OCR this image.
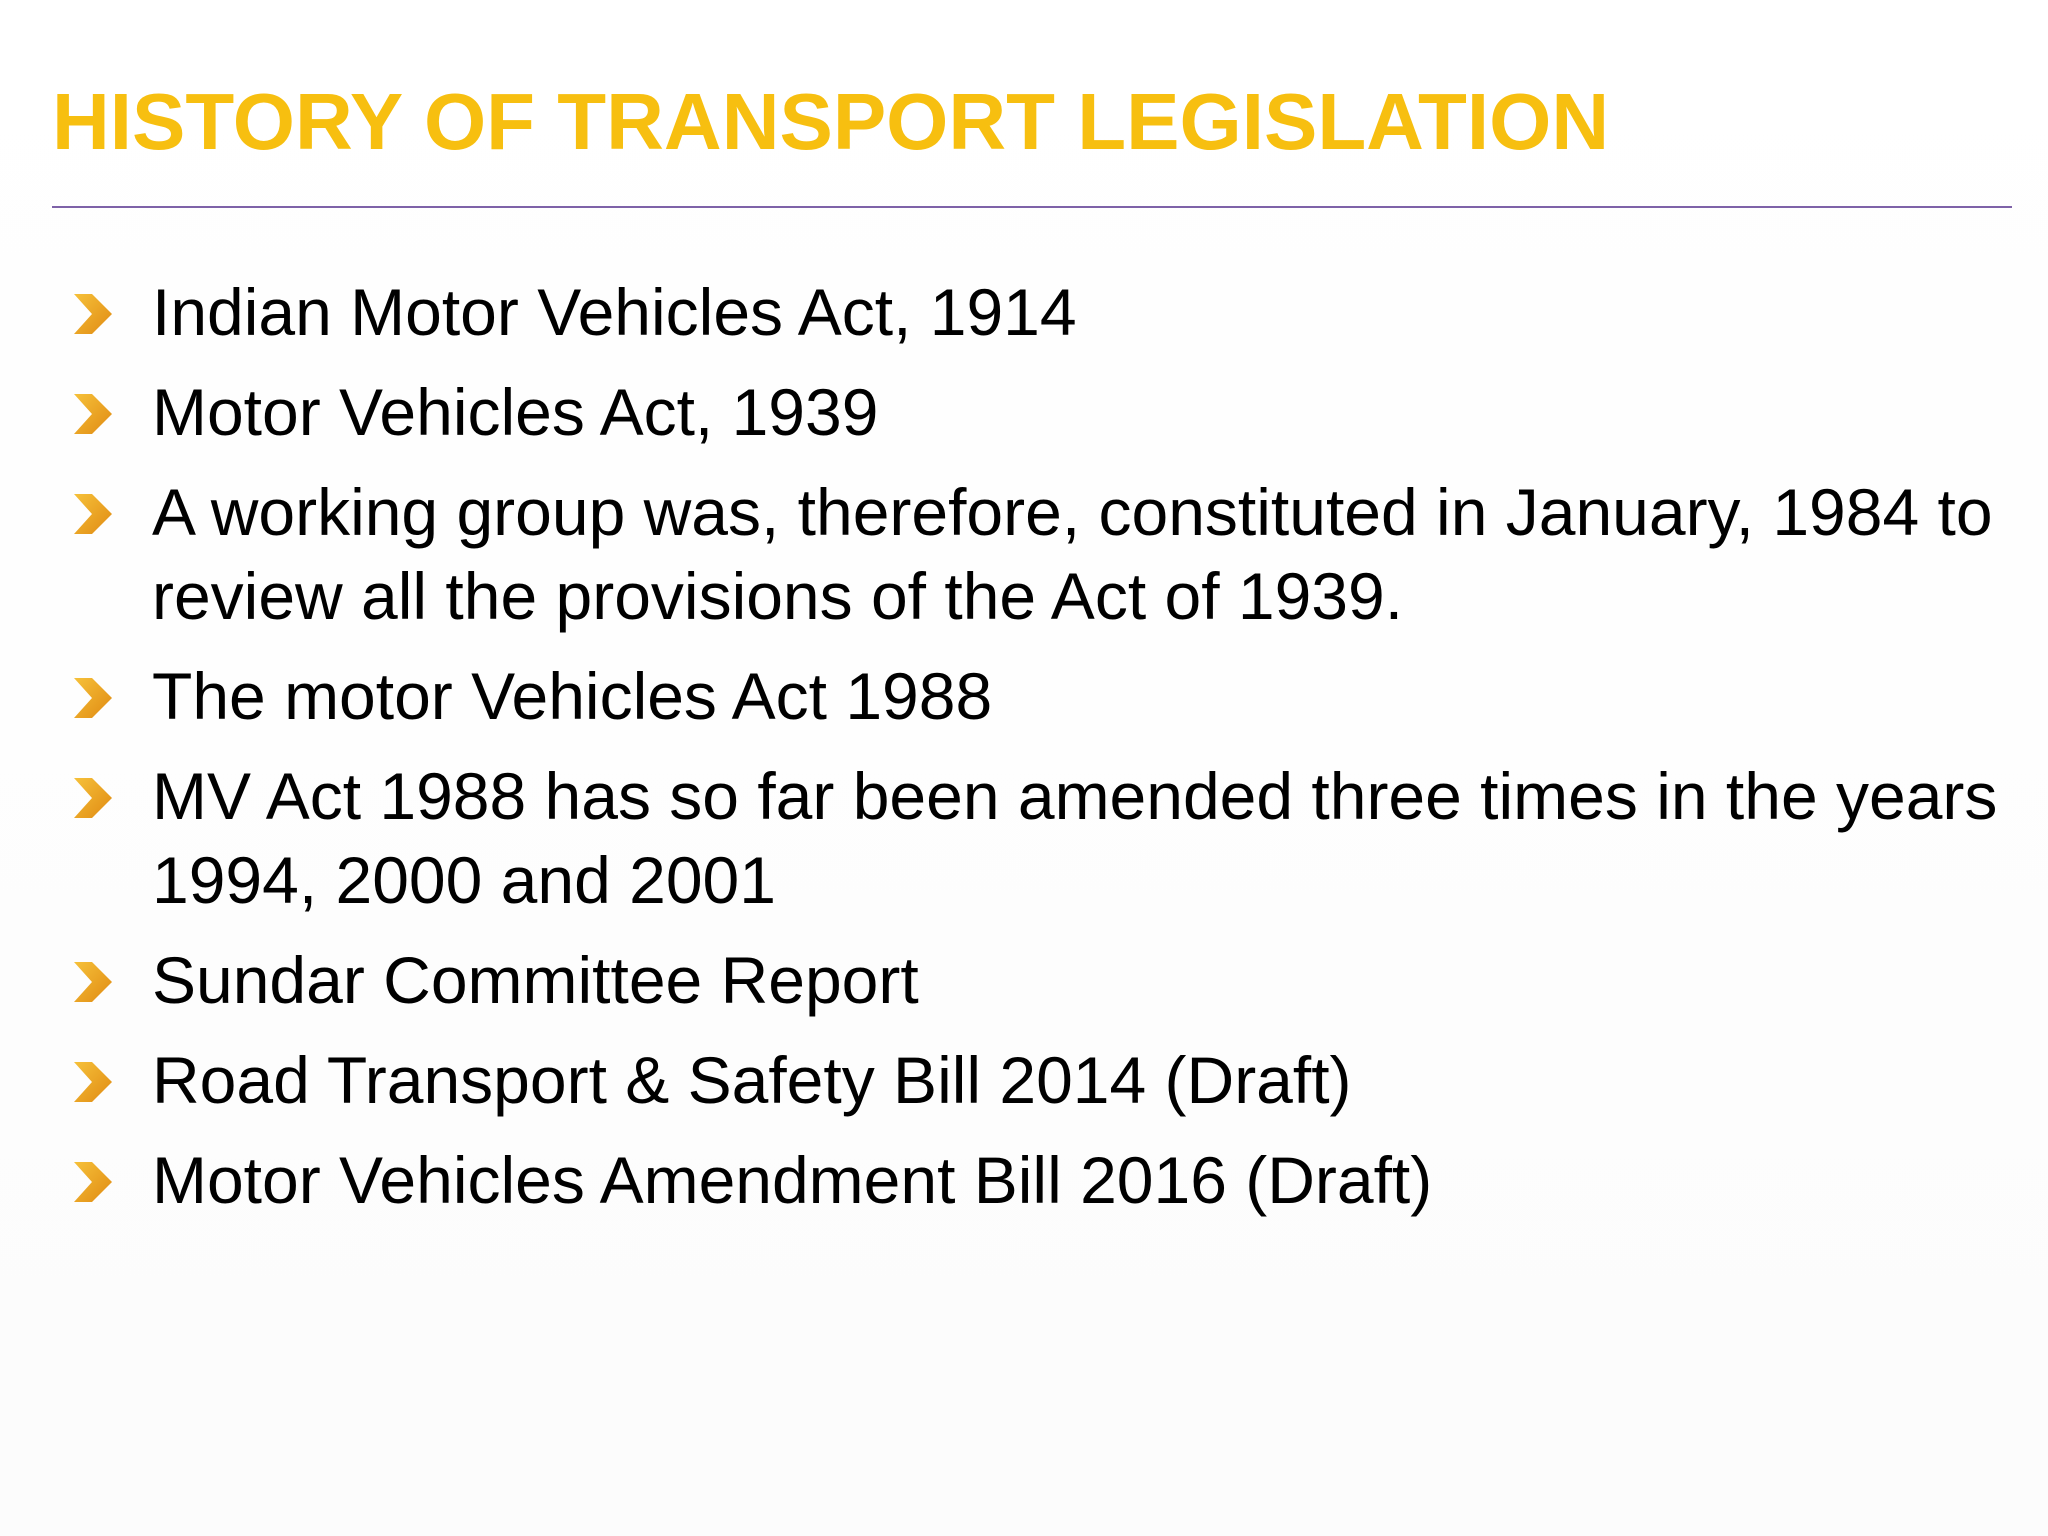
HISTORY OF TRANSPORT LEGISLATION
Indian Motor Vehicles Act, 1914
Motor Vehicles Act, 1939
A working group was, therefore, constituted in January, 1984 to review all the provisions of the Act of 1939.
The motor Vehicles Act 1988
MV Act 1988 has so far been amended three times in the years 1994, 2000 and 2001
Sundar Committee Report
Road Transport & Safety Bill 2014 (Draft)
Motor Vehicles Amendment Bill 2016 (Draft)
